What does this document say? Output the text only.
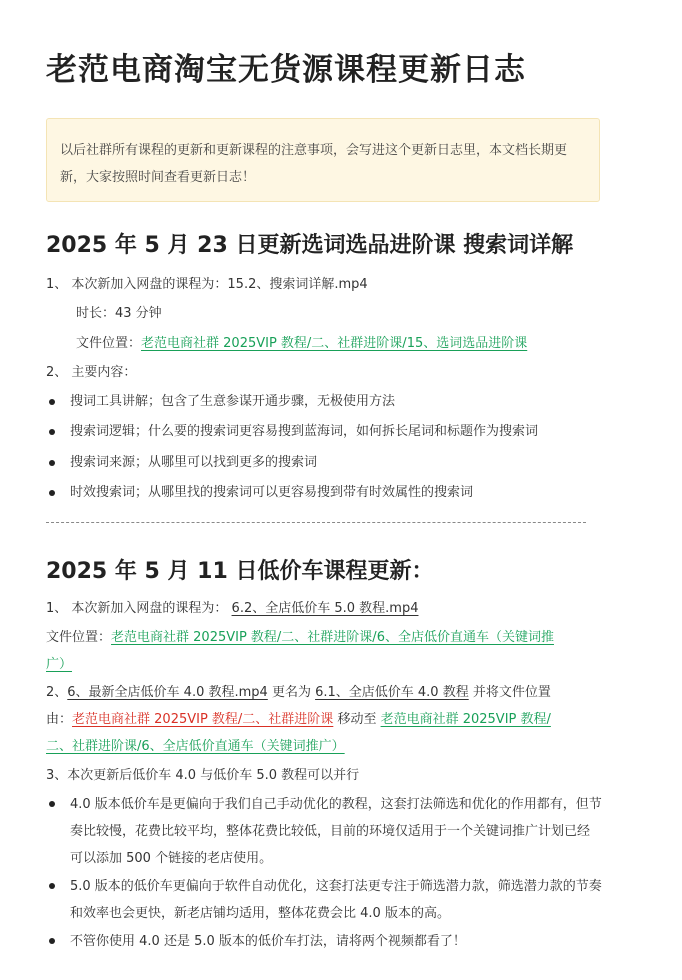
老范电商淘宝无货源课程更新日志

以后社群所有课程的更新和更新课程的注意事项，会写进这个更新日志里，本文档长期更新，大家按照时间查看更新日志！

2025 年 5 月 23 日更新选词选品进阶课 搜索词详解
1、 本次新加入网盘的课程为：15.2、搜索词详解.mp4
时长：43 分钟
文件位置：老范电商社群 2025VIP 教程/二、社群进阶课/15、选词选品进阶课
2、 主要内容：
搜词工具讲解；包含了生意参谋开通步骤，无极使用方法
搜索词逻辑；什么要的搜索词更容易搜到蓝海词，如何拆长尾词和标题作为搜索词
搜索词来源；从哪里可以找到更多的搜索词
时效搜索词；从哪里找的搜索词可以更容易搜到带有时效属性的搜索词
2025 年 5 月 11 日低价车课程更新：
1、 本次新加入网盘的课程为： 6.2、全店低价车 5.0 教程.mp4
文件位置：老范电商社群 2025VIP 教程/二、社群进阶课/6、全店低价直通车（关键词推
广）
2、6、最新全店低价车 4.0 教程.mp4 更名为 6.1、全店低价车 4.0 教程 并将文件位置
由：老范电商社群 2025VIP 教程/二、社群进阶课 移动至 老范电商社群 2025VIP 教程/
二、社群进阶课/6、全店低价直通车（关键词推广）
3、本次更新后低价车 4.0 与低价车 5.0 教程可以并行
4.0 版本低价车是更偏向于我们自己手动优化的教程，这套打法筛选和优化的作用都有，但节奏比较慢，花费比较平均，整体花费比较低，目前的环境仅适用于一个关键词推广计划已经可以添加 500 个链接的老店使用。
5.0 版本的低价车更偏向于软件自动优化，这套打法更专注于筛选潜力款，筛选潜力款的节奏和效率也会更快，新老店铺均适用，整体花费会比 4.0 版本的高。
不管你使用 4.0 还是 5.0 版本的低价车打法，请将两个视频都看了！
